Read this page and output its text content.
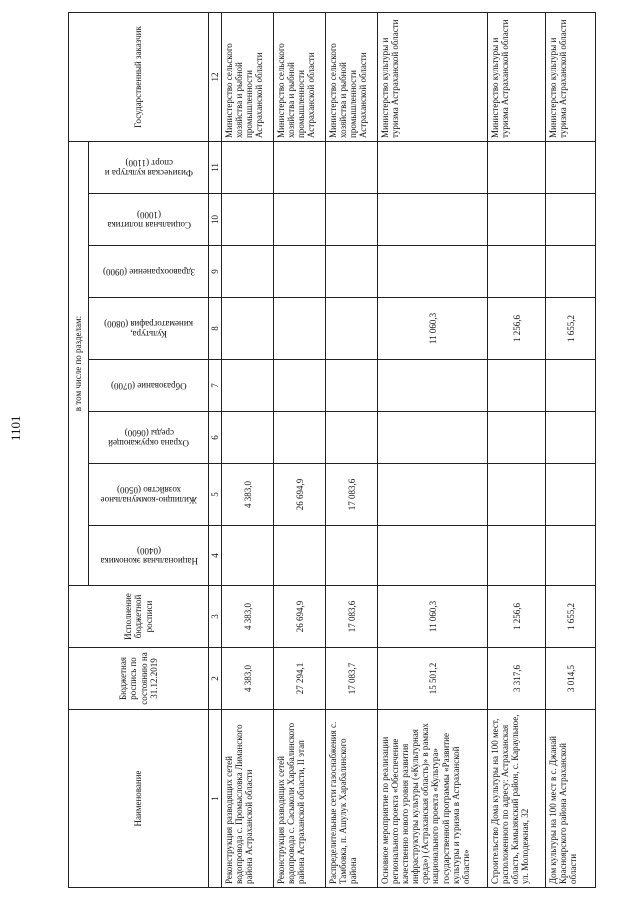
1101
Наименование	Бюджетная роспись по состоянию на 31.12.2019	Исполнение бюджетной росписи	в том числе по разделам:								Государственный заказчик

			Национальная экономика (0400)	Жилищно-коммунальное хозяйство (0500)	Охрана окружающей среды (0600)	Образование (0700)	Культура, кинематография (0800)	Здравоохранение (0900)	Социальная политика (1000)	Физическая культура и спорт (1100)	

1	2	3	4	5	6	7	8	9	10	11	12
Реконструкция разводящих сетей водопровода с. Промысловка Лиманского района Астраханской области	4 383,0	4 383,0		4 383,0							Министерство сельского хозяйства и рыбной промышленности Астраханской области
Реконструкция разводящих сетей водопровода с. Сасыколи Харабалинского района Астраханской области, II этап	27 294,1	26 694,9		26 694,9							Министерство сельского хозяйства и рыбной промышленности Астраханской области
Распределительные сети газоснабжения с. Тамбовка, п. Ашулук Харабалинского района	17 083,7	17 083,6		17 083,6							Министерство сельского хозяйства и рыбной промышленности Астраханской области
Основное мероприятие по реализации регионального проекта «Обеспечение качественно нового уровня развития инфраструктуры культуры («Культурная среда») (Астраханская область)» в рамках национального проекта «Культура» государственной программы «Развитие культуры и туризма в Астраханской области»	15 501,2	11 060,3					11 060,3				Министерство культуры и туризма Астраханской области
Строительство Дома культуры на 100 мест, расположенного по адресу: Астраханская область, Камызякский район, с. Караульное, ул. Молодежная, 32	3 317,6	1 256,6					1 256,6				Министерство культуры и туризма Астраханской области
Дом культуры на 100 мест в с. Джанай Красноярского района Астраханской области	3 014,5	1 655,2					1 655,2				Министерство культуры и туризма Астраханской области
